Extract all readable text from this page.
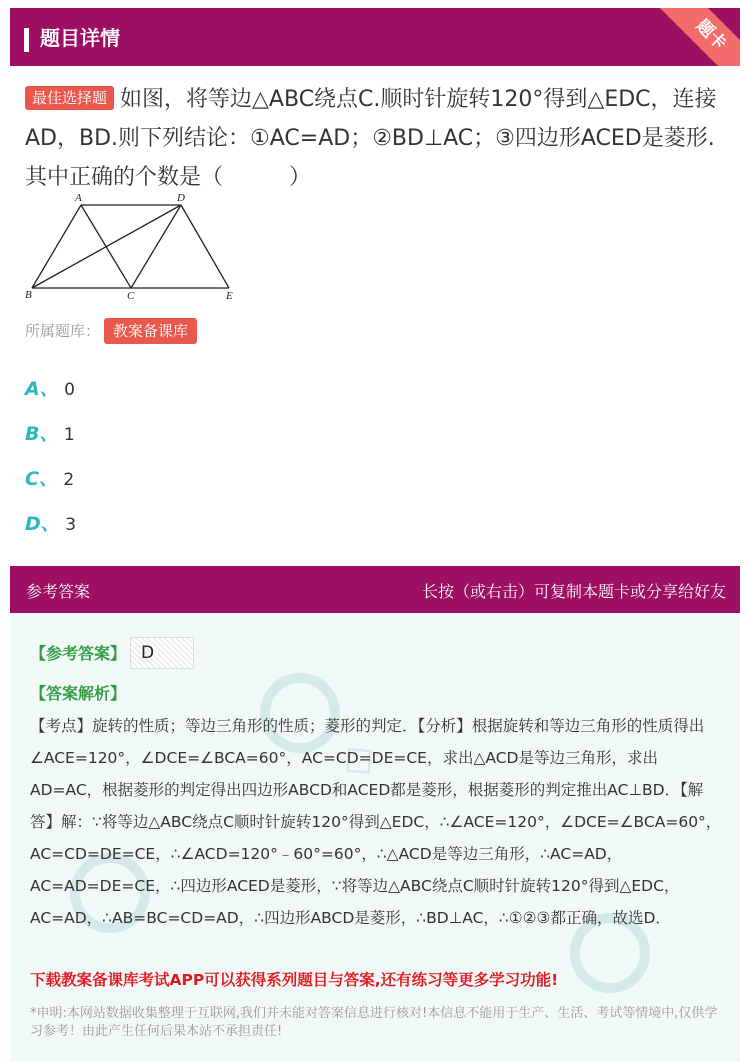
题目详情	题卡
最佳选择题 如图，将等边△ABC绕点C.顺时针旋转120°得到△EDC，连接AD，BD.则下列结论：①AC=AD；②BD⊥AC；③四边形ACED是菱形. 其中正确的个数是（　　　）
A	D
B	C	E
所属题库： 教案备课库
A、 0
B、 1
C、 2
D、 3
参考答案	长按（或右击）可复制本题卡或分享给好友
◇
【参考答案】 D
【答案解析】
【考点】旋转的性质；等边三角形的性质；菱形的判定．【分析】根据旋转和等边三角形的性质得出∠ACE=120°，∠DCE=∠BCA=60°，AC=CD=DE=CE，求出△ACD是等边三角形，求出AD=AC，根据菱形的判定得出四边形ABCD和ACED都是菱形，根据菱形的判定推出AC⊥BD．【解答】解：∵将等边△ABC绕点C顺时针旋转120°得到△EDC，∴∠ACE=120°，∠DCE=∠BCA=60°，AC=CD=DE=CE，∴∠ACD=120°﹣60°=60°，∴△ACD是等边三角形，∴AC=AD，AC=AD=DE=CE，∴四边形ACED是菱形，∵将等边△ABC绕点C顺时针旋转120°得到△EDC，AC=AD，∴AB=BC=CD=AD，∴四边形ABCD是菱形，∴BD⊥AC，∴①②③都正确，故选D．
下载教案备课库考试APP可以获得系列题目与答案,还有练习等更多学习功能!
*申明:本网站数据收集整理于互联网,我们并未能对答案信息进行核对!本信息不能用于生产、生活、考试等情境中,仅供学习参考！由此产生任何后果本站不承担责任!
